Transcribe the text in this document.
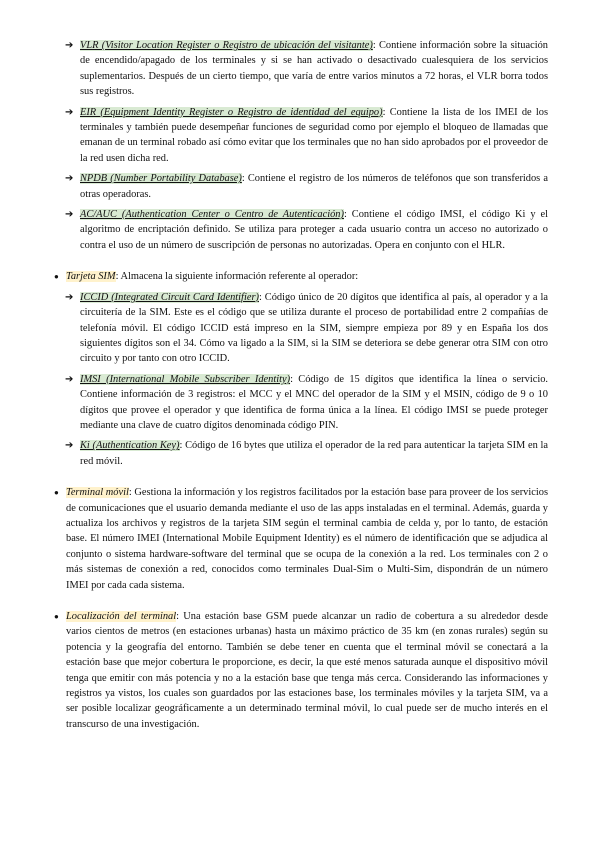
➔ VLR (Visitor Location Register o Registro de ubicación del visitante): Contiene información sobre la situación de encendido/apagado de los terminales y si se han activado o desactivado cualesquiera de los servicios suplementarios. Después de un cierto tiempo, que varía de entre varios minutos a 72 horas, el VLR borra todos sus registros.
➔ EIR (Equipment Identity Register o Registro de identidad del equipo): Contiene la lista de los IMEI de los terminales y también puede desempeñar funciones de seguridad como por ejemplo el bloqueo de llamadas que emanan de un terminal robado así cómo evitar que los terminales que no han sido aprobados por el proveedor de la red usen dicha red.
➔ NPDB (Number Portability Database): Contiene el registro de los números de teléfonos que son transferidos a otras operadoras.
➔ AC/AUC (Authentication Center o Centro de Autenticación): Contiene el código IMSI, el código Ki y el algoritmo de encriptación definido. Se utiliza para proteger a cada usuario contra un acceso no autorizado o contra el uso de un número de suscripción de personas no autorizadas. Opera en conjunto con el HLR.
● Tarjeta SIM: Almacena la siguiente información referente al operador:
➔ ICCID (Integrated Circuit Card Identifier): Código único de 20 dígitos que identifica al país, al operador y a la circuitería de la SIM. Este es el código que se utiliza durante el proceso de portabilidad entre 2 compañías de telefonía móvil. El código ICCID está impreso en la SIM, siempre empieza por 89 y en España los dos siguientes dígitos son el 34. Cómo va ligado a la SIM, si la SIM se deteriora se debe generar otra SIM con otro circuito y por tanto con otro ICCID.
➔ IMSI (International Mobile Subscriber Identity): Código de 15 dígitos que identifica la línea o servicio. Contiene información de 3 registros: el MCC y el MNC del operador de la SIM y el MSIN, código de 9 o 10 dígitos que provee el operador y que identifica de forma única a la línea. El código IMSI se puede proteger mediante una clave de cuatro dígitos denominada código PIN.
➔ Ki (Authentication Key): Código de 16 bytes que utiliza el operador de la red para autenticar la tarjeta SIM en la red móvil.
● Terminal móvil: Gestiona la información y los registros facilitados por la estación base para proveer de los servicios de comunicaciones que el usuario demanda mediante el uso de las apps instaladas en el terminal. Además, guarda y actualiza los archivos y registros de la tarjeta SIM según el terminal cambia de celda y, por lo tanto, de estación base. El número IMEI (International Mobile Equipment Identity) es el número de identificación que se adjudica al conjunto o sistema hardware-software del terminal que se ocupa de la conexión a la red. Los terminales con 2 o más sistemas de conexión a red, conocidos como terminales Dual-Sim o Multi-Sim, dispondrán de un número IMEI por cada cada sistema.
● Localización del terminal: Una estación base GSM puede alcanzar un radio de cobertura a su alrededor desde varios cientos de metros (en estaciones urbanas) hasta un máximo práctico de 35 km (en zonas rurales) según su potencia y la geografía del entorno. También se debe tener en cuenta que el terminal móvil se conectará a la estación base que mejor cobertura le proporcione, es decir, la que esté menos saturada aunque el dispositivo móvil tenga que emitir con más potencia y no a la estación base que tenga más cerca. Considerando las informaciones y registros ya vistos, los cuales son guardados por las estaciones base, los terminales móviles y la tarjeta SIM, va a ser posible localizar geográficamente a un determinado terminal móvil, lo cual puede ser de mucho interés en el transcurso de una investigación.
